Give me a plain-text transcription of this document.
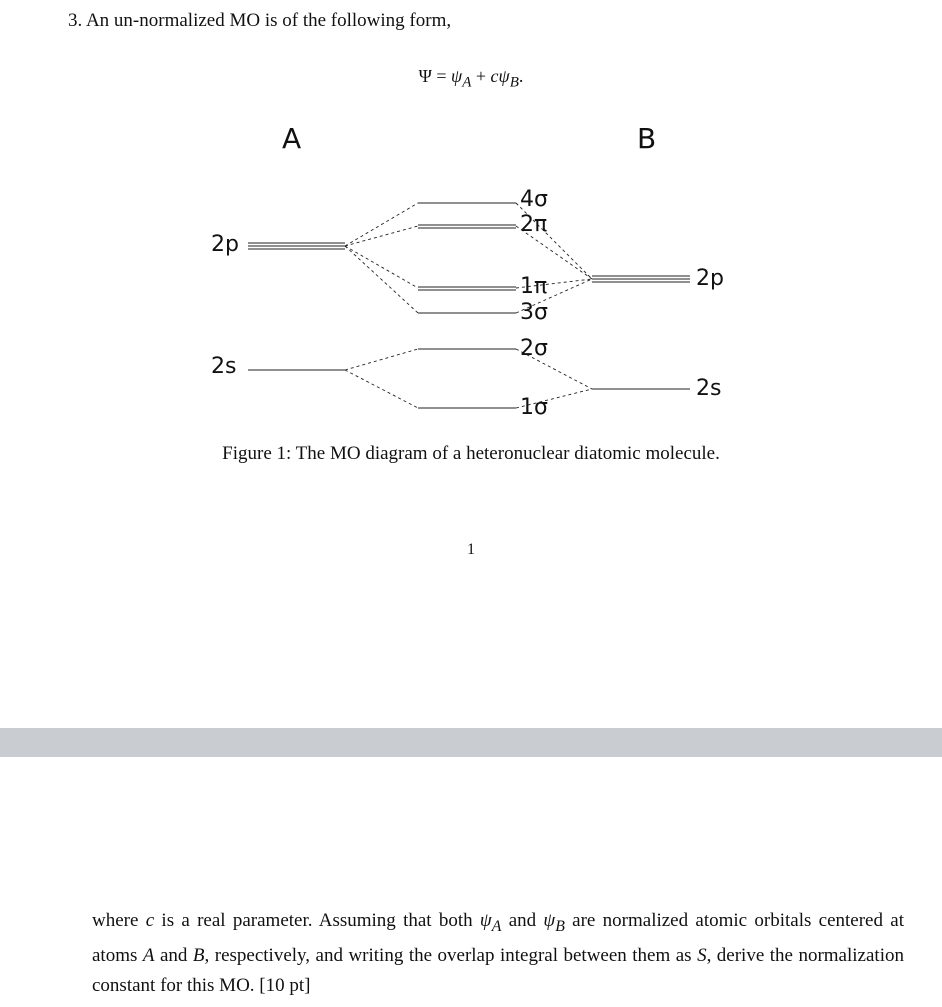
3. An un-normalized MO is of the following form,
$\Psi = \psi_A + c\psi_B$.
A	B
2p
2s
2p
2s
4σ
2π
1π
3σ
2σ
1σ
Figure 1: The MO diagram of a heteronuclear diatomic molecule.
1
where c is a real parameter. Assuming that both $\psi_A$ and $\psi_B$ are normalized atomic orbitals centered at atoms A and B, respectively, and writing the overlap integral between them as S, derive the normalization constant for this MO. [10 pt]
